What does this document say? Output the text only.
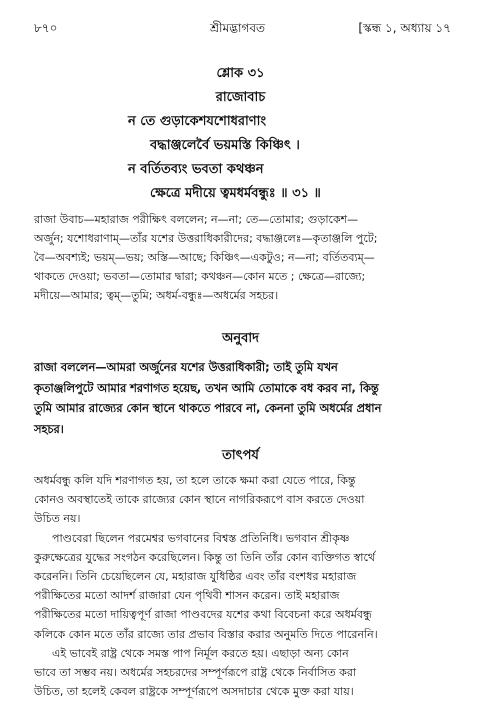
৮৭০	শ্রীমদ্ভাগবত	[স্কন্ধ ১, অধ্যায় ১৭
শ্লোক ৩১
রাজোবাচ
ন তে গুড়াকেশযশোধরাণাং
বদ্ধাঞ্জলের্বৈ ভয়মস্তি কিঞ্চিৎ ।
ন বর্তিতব্যং ভবতা কথঞ্চন
ক্ষেত্রে মদীয়ে ত্বমধর্মবন্ধুঃ ॥ ৩১ ॥

রাজা উবাচ—মহারাজ পরীক্ষিৎ বললেন; ন—না; তে—তোমার; গুড়াকেশ—

অর্জুন; যশোধরাণাম্—তাঁর যশের উত্তরাধিকারীদের; বদ্ধাঞ্জলেঃ—কৃতাঞ্জলি পুটে;

বৈ—অবশ্যই; ভয়ম্—ভয়; অস্তি—আছে; কিঞ্চিৎ—একটুও; ন—না; বর্তিতব্যম্—

থাকতে দেওয়া; ভবতা—তোমার দ্বারা; কথঞ্চন—কোন মতে ; ক্ষেত্রে—রাজ্যে;

মদীয়ে—আমার; ত্বম্—তুমি; অধর্ম-বন্ধুঃ—অধর্মের সহচর।

অনুবাদ

রাজা বললেন—আমরা অর্জুনের যশের উত্তরাধিকারী; তাই তুমি যখন

কৃতাঞ্জলিপুটে আমার শরণাগত হয়েছ, তখন আমি তোমাকে বধ করব না, কিন্তু

তুমি আমার রাজ্যের কোন স্থানে থাকতে পারবে না, কেননা তুমি অধর্মের প্রধান

সহচর।

তাৎপর্য

অধর্মবন্ধু কলি যদি শরণাগত হয়, তা হলে তাকে ক্ষমা করা যেতে পারে, কিন্তু

কোনও অবস্থাতেই তাকে রাজ্যের কোন স্থানে নাগরিকরূপে বাস করতে দেওয়া

উচিত নয়।

পাণ্ডবেরা ছিলেন পরমেশ্বর ভগবানের বিশ্বস্ত প্রতিনিধি। ভগবান শ্রীকৃষ্ণ

কুরুক্ষেত্রের যুদ্ধের সংগঠন করেছিলেন। কিন্তু তা তিনি তাঁর কোন ব্যক্তিগত স্বার্থে

করেননি। তিনি চেয়েছিলেন যে, মহারাজ যুধিষ্ঠির এবং তাঁর বংশধর মহারাজ

পরীক্ষিতের মতো আদর্শ রাজারা যেন পৃথিবী শাসন করেন। তাই মহারাজ

পরীক্ষিতের মতো দায়িত্বপূর্ণ রাজা পাণ্ডবদের যশের কথা বিবেচনা করে অধর্মবন্ধু

কলিকে কোন মতে তাঁর রাজ্যে তার প্রভাব বিস্তার করার অনুমতি দিতে পারেননি।

এই ভাবেই রাষ্ট্র থেকে সমস্ত পাপ নির্মূল করতে হয়। এছাড়া অন্য কোন

ভাবে তা সম্ভব নয়। অধর্মের সহচরদের সম্পূর্ণরূপে রাষ্ট্র থেকে নির্বাসিত করা

উচিত, তা হলেই কেবল রাষ্ট্রকে সম্পূর্ণরূপে অসদাচার থেকে মুক্ত করা যায়।
